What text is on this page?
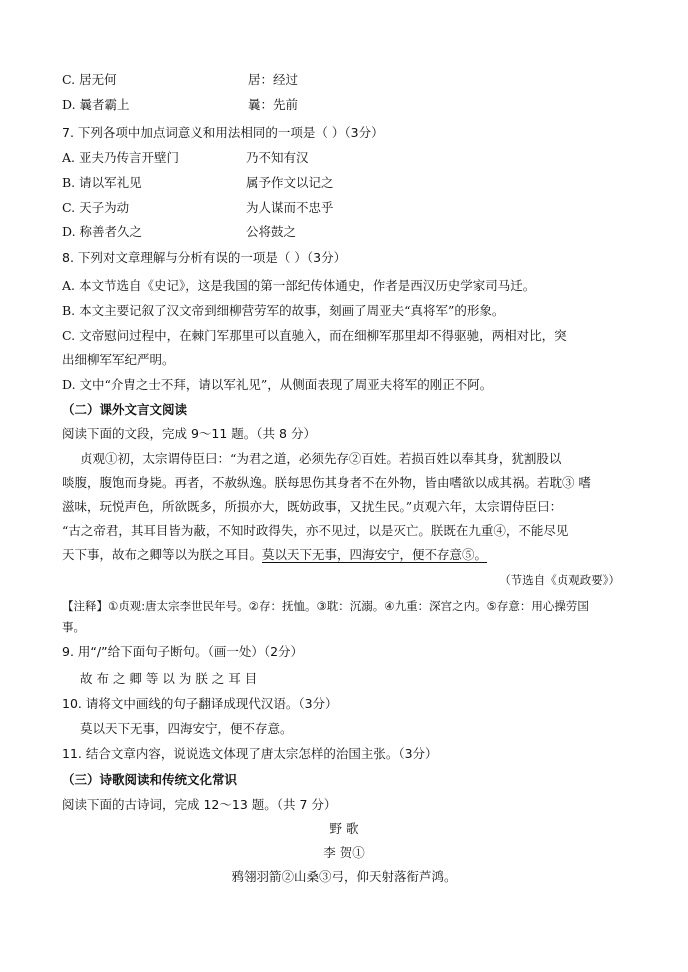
C. 居无何	居：经过
D. 曩者霸上	曩：先前
7. 下列各项中加点词意义和用法相同的一项是（ ）（3分）
A. 亚夫乃传言开壁门	乃不知有汉
B. 请以军礼见	属予作文以记之
C. 天子为动	为人谋而不忠乎
D. 称善者久之	公将鼓之
8. 下列对文章理解与分析有误的一项是（ ）（3分）
A. 本文节选自《史记》，这是我国的第一部纪传体通史，作者是西汉历史学家司马迁。
B. 本文主要记叙了汉文帝到细柳营劳军的故事，刻画了周亚夫“真将军”的形象。
C. 文帝慰问过程中，在棘门军那里可以直驰入，而在细柳军那里却不得驱驰，两相对比，突
出细柳军军纪严明。
D. 文中“介胄之士不拜，请以军礼见”，从侧面表现了周亚夫将军的刚正不阿。
（二）课外文言文阅读
阅读下面的文段，完成 9～11 题。（共 8 分）
贞观①初，太宗谓侍臣曰：“为君之道，必须先存②百姓。若损百姓以奉其身，犹割股以
啖腹，腹饱而身毙。再者，不赦纵逸。朕每思伤其身者不在外物，皆由嗜欲以成其祸。若耽③ 嗜
滋味，玩悦声色，所欲既多，所损亦大，既妨政事，又扰生民。”贞观六年，太宗谓侍臣曰：
“古之帝君，其耳目皆为蔽，不知时政得失，亦不见过，以是灭亡。朕既在九重④，不能尽见
天下事，故布之卿等以为朕之耳目。莫以天下无事，四海安宁，便不存意⑤。
（节选自《贞观政要》）
【注释】①贞观:唐太宗李世民年号。②存：抚恤。③耽：沉溺。④九重：深宫之内。⑤存意：用心操劳国
事。
9. 用“/”给下面句子断句。（画一处）（2分）
故 布 之 卿 等 以 为 朕 之 耳 目
10. 请将文中画线的句子翻译成现代汉语。（3分）
莫以天下无事，四海安宁，便不存意。
11. 结合文章内容，说说选文体现了唐太宗怎样的治国主张。（3分）
（三）诗歌阅读和传统文化常识
阅读下面的古诗词，完成 12～13 题。（共 7 分）
野 歌
李 贺①
鸦翎羽箭②山桑③弓，仰天射落衔芦鸿。
